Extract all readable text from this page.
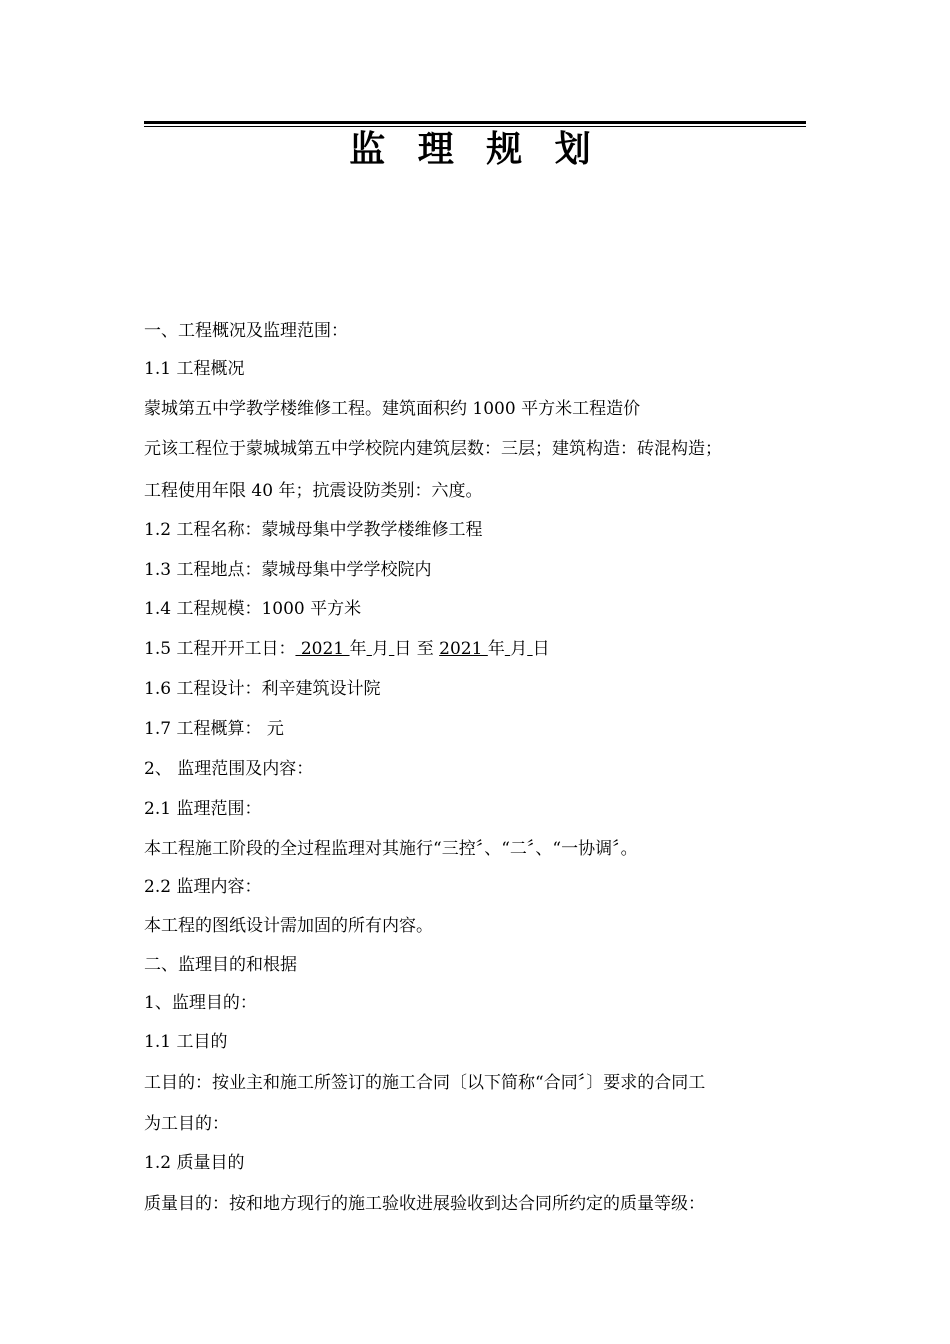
监 理 规 划
一、工程概况及监理范围：
1.1 工程概况
蒙城第五中学教学楼维修工程。建筑面积约 1000 平方米工程造价
元该工程位于蒙城城第五中学校院内建筑层数：三层；建筑构造：砖混构造；
工程使用年限 40 年；抗震设防类别：六度。
1.2 工程名称：蒙城母集中学教学楼维修工程
1.3 工程地点：蒙城母集中学学校院内
1.4 工程规模：1000 平方米
1.5 工程开开工日： 2021 年 月 日 至 2021 年 月 日
1.6 工程设计：利辛建筑设计院
1.7 工程概算： 元
2、 监理范围及内容：
2.1 监理范围：
本工程施工阶段的全过程监理对其施行“三控〞、“二〞、“一协调〞。
2.2 监理内容：
本工程的图纸设计需加固的所有内容。
二、监理目的和根据
1、监理目的：
1.1 工目的
工目的：按业主和施工所签订的施工合同〔以下简称“合同〞〕要求的合同工
为工目的：
1.2 质量目的
质量目的：按和地方现行的施工验收进展验收到达合同所约定的质量等级：
